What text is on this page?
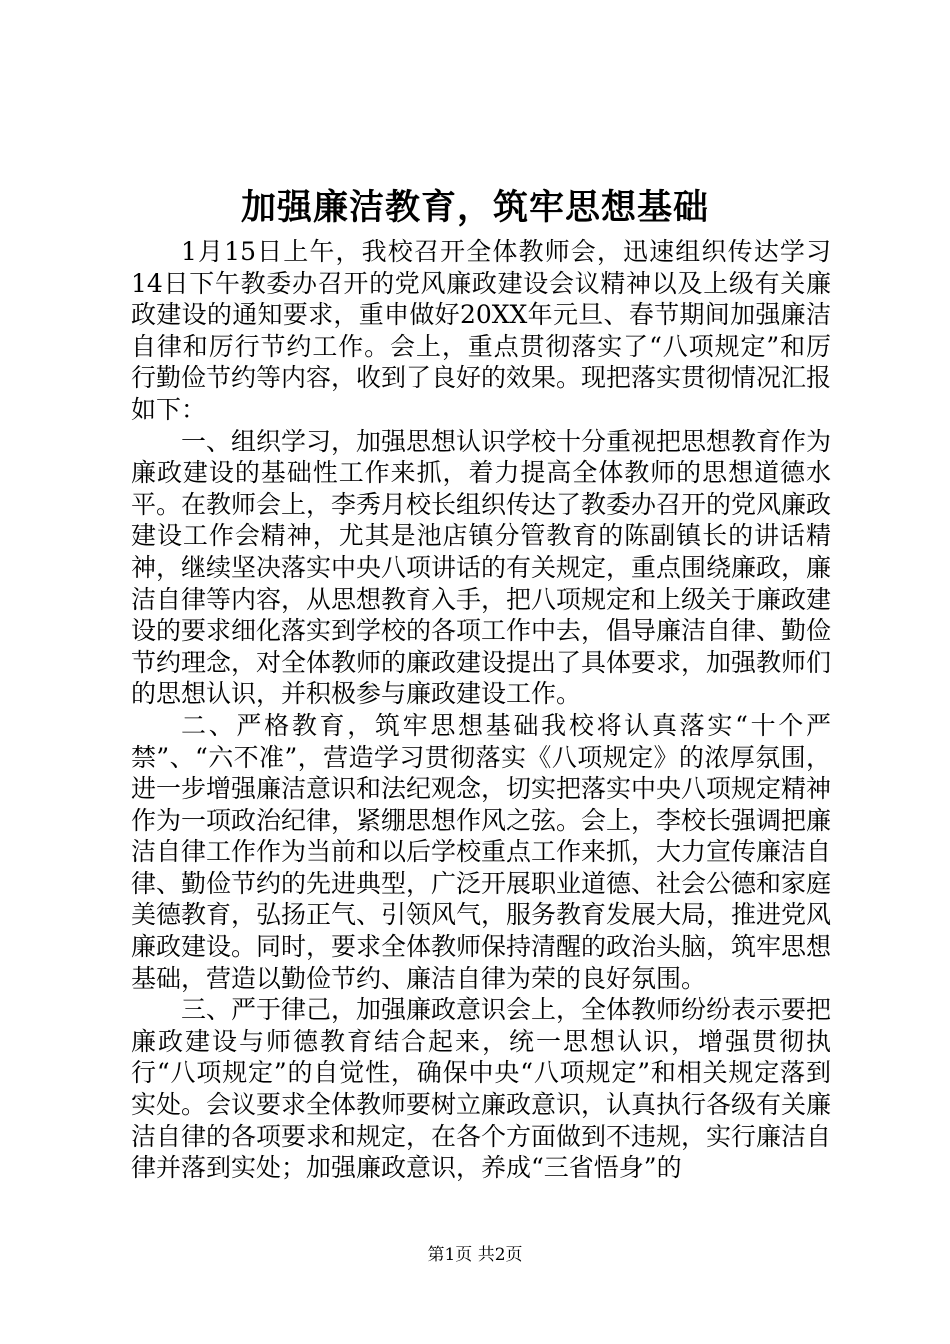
加强廉洁教育，筑牢思想基础

1月15日上午，我校召开全体教师会，迅速组织传达学习14日下午教委办召开的党风廉政建设会议精神以及上级有关廉政建设的通知要求，重申做好20XX年元旦、春节期间加强廉洁自律和厉行节约工作。会上，重点贯彻落实了“八项规定”和厉行勤俭节约等内容，收到了良好的效果。现把落实贯彻情况汇报如下：

一、组织学习，加强思想认识学校十分重视把思想教育作为廉政建设的基础性工作来抓，着力提高全体教师的思想道德水平。在教师会上，李秀月校长组织传达了教委办召开的党风廉政建设工作会精神，尤其是池店镇分管教育的陈副镇长的讲话精神，继续坚决落实中央八项讲话的有关规定，重点围绕廉政，廉洁自律等内容，从思想教育入手，把八项规定和上级关于廉政建设的要求细化落实到学校的各项工作中去，倡导廉洁自律、勤俭节约理念，对全体教师的廉政建设提出了具体要求，加强教师们的思想认识，并积极参与廉政建设工作。

二、严格教育，筑牢思想基础我校将认真落实“十个严禁”、“六不准”，营造学习贯彻落实《八项规定》的浓厚氛围，进一步增强廉洁意识和法纪观念，切实把落实中央八项规定精神作为一项政治纪律，紧绷思想作风之弦。会上，李校长强调把廉洁自律工作作为当前和以后学校重点工作来抓，大力宣传廉洁自律、勤俭节约的先进典型，广泛开展职业道德、社会公德和家庭美德教育，弘扬正气、引领风气，服务教育发展大局，推进党风廉政建设。同时，要求全体教师保持清醒的政治头脑，筑牢思想基础，营造以勤俭节约、廉洁自律为荣的良好氛围。

三、严于律己，加强廉政意识会上，全体教师纷纷表示要把廉政建设与师德教育结合起来，统一思想认识，增强贯彻执行“八项规定”的自觉性，确保中央“八项规定”和相关规定落到实处。会议要求全体教师要树立廉政意识，认真执行各级有关廉洁自律的各项要求和规定，在各个方面做到不违规，实行廉洁自律并落到实处；加强廉政意识，养成“三省悟身”的

第1页 共2页
